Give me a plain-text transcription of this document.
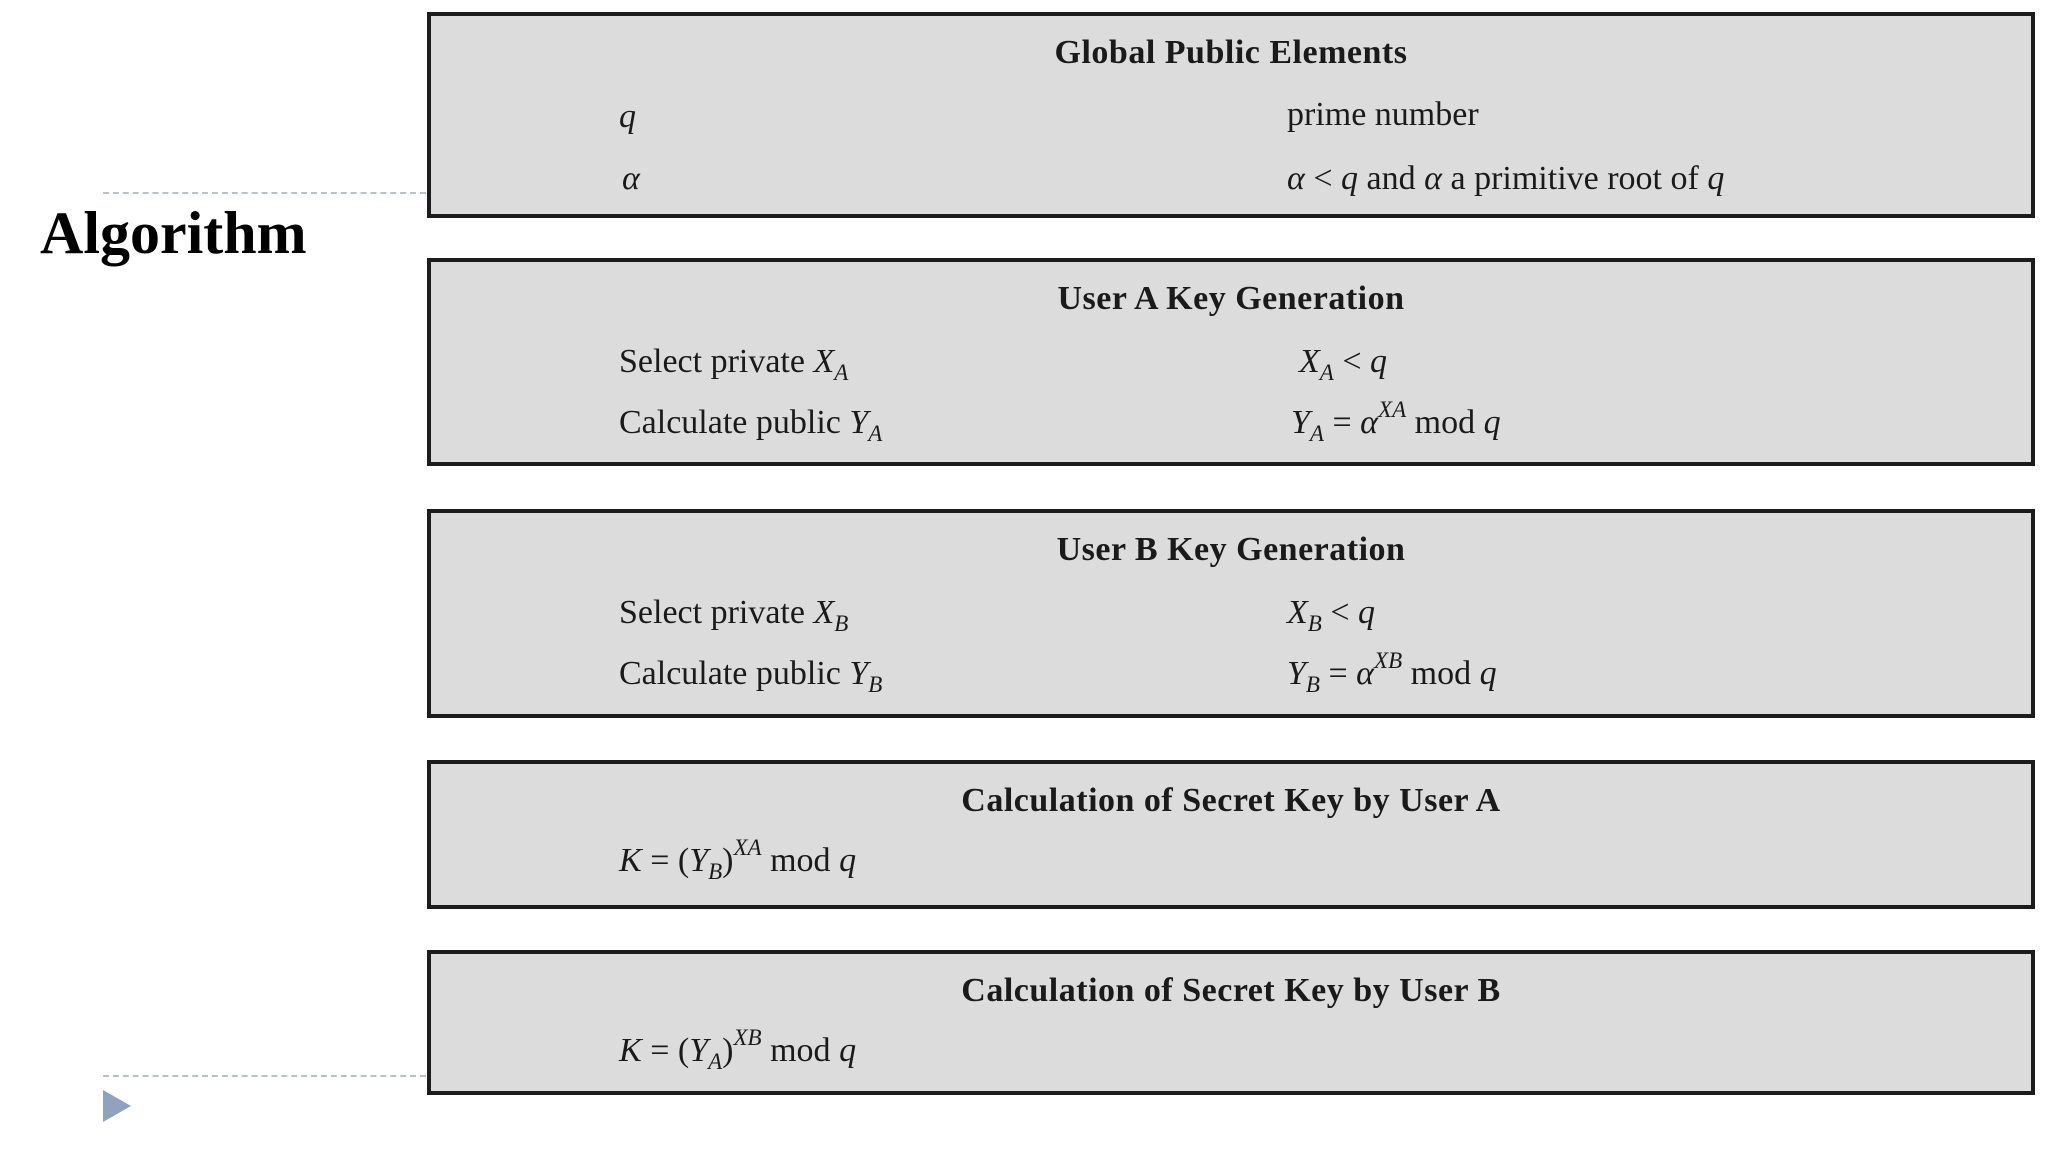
Algorithm
Global Public Elements
q	prime number
α	α < q and α a primitive root of q
User A Key Generation
Select private $X_A$	$X_A < q$
Calculate public $Y_A$	$Y_A = \alpha^{XA}$ mod q
User B Key Generation
Select private $X_B$	$X_B < q$
Calculate public $Y_B$	$Y_B = \alpha^{XB}$ mod q
Calculation of Secret Key by User A
$K = (Y_B)^{XA}$ mod q
Calculation of Secret Key by User B
$K = (Y_A)^{XB}$ mod q
